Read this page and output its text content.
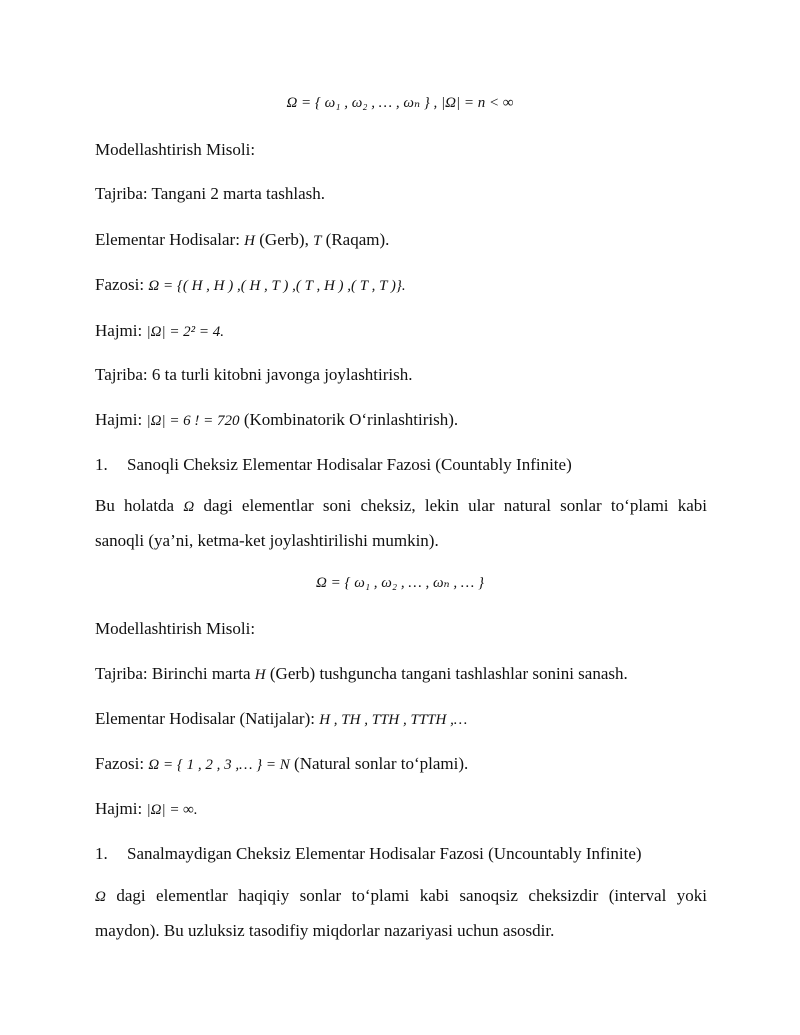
Ω = { ω₁ , ω₂ , … , ωₙ } , |Ω| = n < ∞
Modellashtirish Misoli:
Tajriba: Tangani 2 marta tashlash.
Elementar Hodisalar: H (Gerb), T (Raqam).
Fazosi: Ω = {( H , H ) ,( H , T ) ,( T , H ) ,( T , T )}.
Hajmi: |Ω| = 2² = 4.
Tajriba: 6 ta turli kitobni javonga joylashtirish.
Hajmi: |Ω| = 6 ! = 720 (Kombinatorik O‘rinlashtirish).
1. Sanoqli Cheksiz Elementar Hodisalar Fazosi (Countably Infinite)
Bu holatda Ω dagi elementlar soni cheksiz, lekin ular natural sonlar to‘plami kabi
sanoqli (ya’ni, ketma-ket joylashtirilishi mumkin).
Ω = { ω₁ , ω₂ , … , ωₙ , … }
Modellashtirish Misoli:
Tajriba: Birinchi marta H (Gerb) tushguncha tangani tashlashlar sonini sanash.
Elementar Hodisalar (Natijalar): H , TH , TTH , TTTH ,…
Fazosi: Ω = { 1 , 2 , 3 ,… } = N (Natural sonlar to‘plami).
Hajmi: |Ω| = ∞.
1. Sanalmaydigan Cheksiz Elementar Hodisalar Fazosi (Uncountably Infinite)
Ω dagi elementlar haqiqiy sonlar to‘plami kabi sanoqsiz cheksizdir (interval yoki
maydon). Bu uzluksiz tasodifiy miqdorlar nazariyasi uchun asosdir.
